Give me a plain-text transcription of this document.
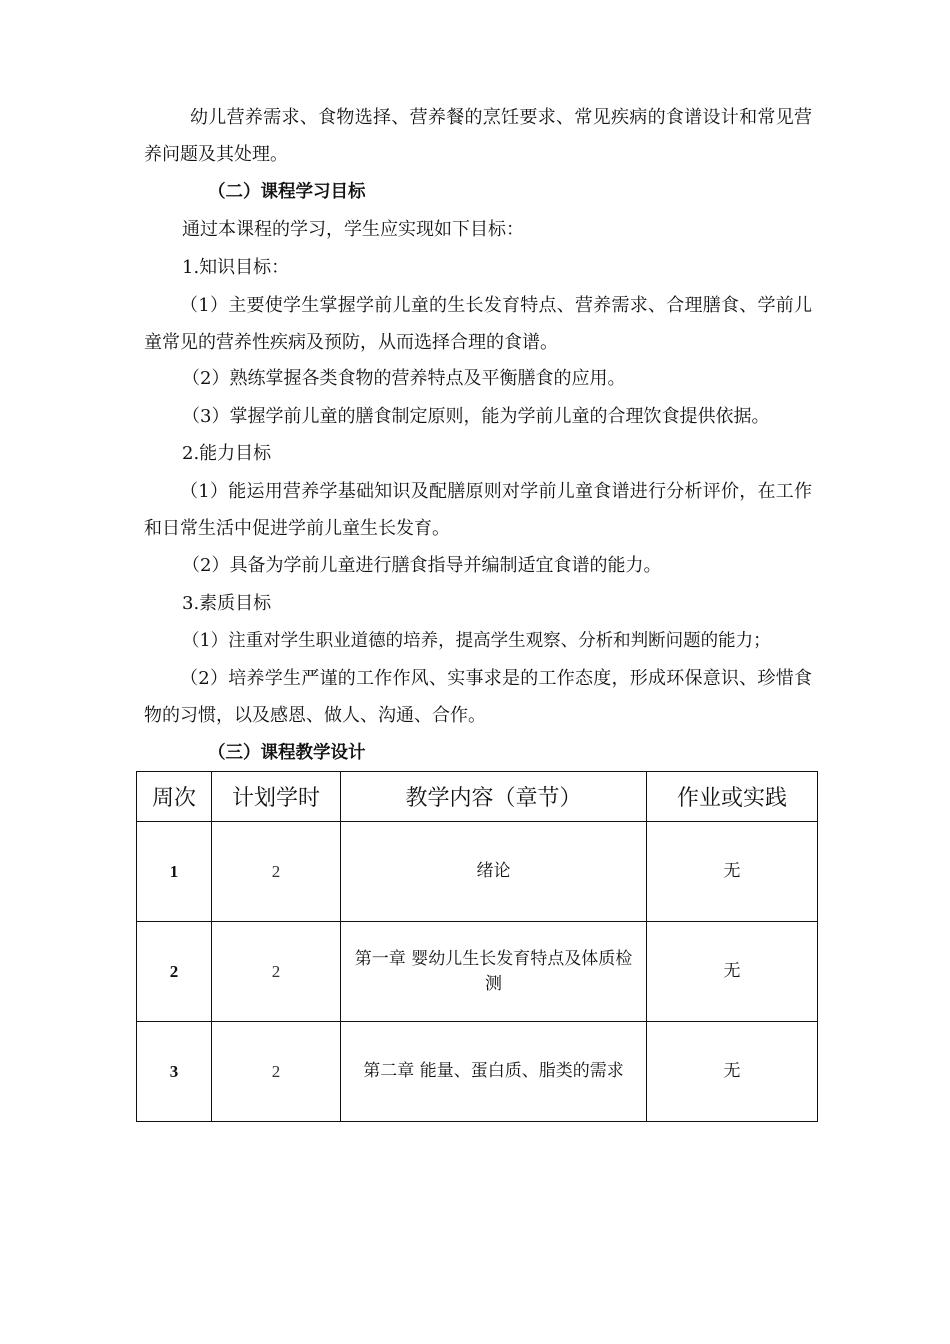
幼儿营养需求、食物选择、营养餐的烹饪要求、常见疾病的食谱设计和常见营养问题及其处理。

（二）课程学习目标

通过本课程的学习，学生应实现如下目标：

1.知识目标：

（1）主要使学生掌握学前儿童的生长发育特点、营养需求、合理膳食、学前儿童常见的营养性疾病及预防，从而选择合理的食谱。

（2）熟练掌握各类食物的营养特点及平衡膳食的应用。

（3）掌握学前儿童的膳食制定原则，能为学前儿童的合理饮食提供依据。

2.能力目标

（1）能运用营养学基础知识及配膳原则对学前儿童食谱进行分析评价，在工作和日常生活中促进学前儿童生长发育。

（2）具备为学前儿童进行膳食指导并编制适宜食谱的能力。

3.素质目标

（1）注重对学生职业道德的培养，提高学生观察、分析和判断问题的能力；

（2）培养学生严谨的工作作风、实事求是的工作态度，形成环保意识、珍惜食物的习惯，以及感恩、做人、沟通、合作。

（三）课程教学设计

周次	计划学时	教学内容（章节）	作业或实践
1	2	绪论	无
2	2	第一章 婴幼儿生长发育特点及体质检测	无
3	2	第二章 能量、蛋白质、脂类的需求	无
